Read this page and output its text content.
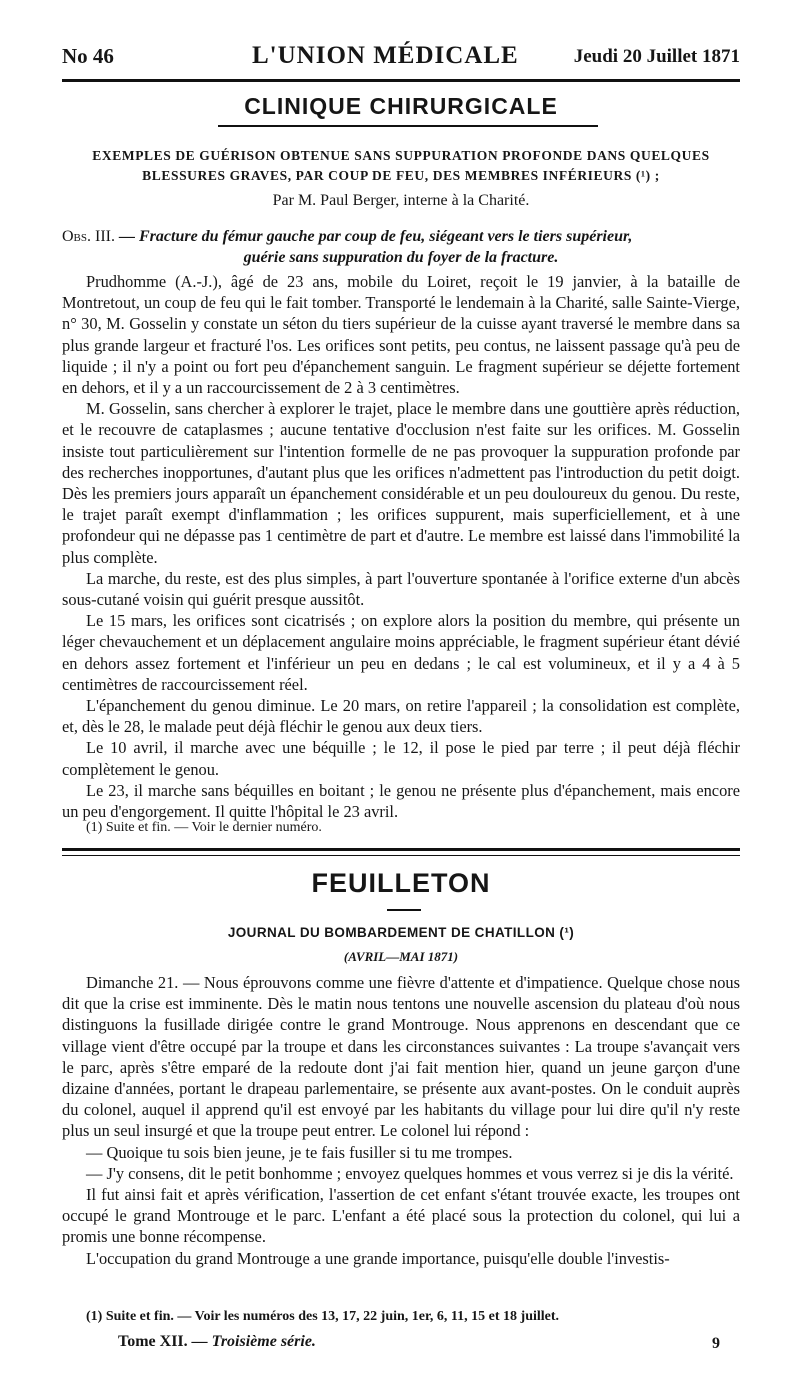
No 46	L'UNION MÉDICALE	Jeudi 20 Juillet 1871
CLINIQUE CHIRURGICALE
EXEMPLES DE GUÉRISON OBTENUE SANS SUPPURATION PROFONDE DANS QUELQUES
BLESSURES GRAVES, PAR COUP DE FEU, DES MEMBRES INFÉRIEURS (¹) ;
Par M. Paul Berger, interne à la Charité.
Obs. III. — Fracture du fémur gauche par coup de feu, siégeant vers le tiers supérieur,
guérie sans suppuration du foyer de la fracture.

Prudhomme (A.-J.), âgé de 23 ans, mobile du Loiret, reçoit le 19 janvier, à la bataille de Montretout, un coup de feu qui le fait tomber. Transporté le lendemain à la Charité, salle Sainte-Vierge, n° 30, M. Gosselin y constate un séton du tiers supérieur de la cuisse ayant traversé le membre dans sa plus grande largeur et fracturé l'os. Les orifices sont petits, peu contus, ne laissent passage qu'à peu de liquide ; il n'y a point ou fort peu d'épanchement sanguin. Le fragment supérieur se déjette fortement en dehors, et il y a un raccourcissement de 2 à 3 centimètres.

M. Gosselin, sans chercher à explorer le trajet, place le membre dans une gouttière après réduction, et le recouvre de cataplasmes ; aucune tentative d'occlusion n'est faite sur les orifices. M. Gosselin insiste tout particulièrement sur l'intention formelle de ne pas provoquer la suppuration profonde par des recherches inopportunes, d'autant plus que les orifices n'admettent pas l'introduction du petit doigt. Dès les premiers jours apparaît un épanchement considérable et un peu douloureux du genou. Du reste, le trajet paraît exempt d'inflammation ; les orifices suppurent, mais superficiellement, et à une profondeur qui ne dépasse pas 1 centimètre de part et d'autre. Le membre est laissé dans l'immobilité la plus complète.

La marche, du reste, est des plus simples, à part l'ouverture spontanée à l'orifice externe d'un abcès sous-cutané voisin qui guérit presque aussitôt.

Le 15 mars, les orifices sont cicatrisés ; on explore alors la position du membre, qui présente un léger chevauchement et un déplacement angulaire moins appréciable, le fragment supérieur étant dévié en dehors assez fortement et l'inférieur un peu en dedans ; le cal est volumineux, et il y a 4 à 5 centimètres de raccourcissement réel.

L'épanchement du genou diminue. Le 20 mars, on retire l'appareil ; la consolidation est complète, et, dès le 28, le malade peut déjà fléchir le genou aux deux tiers.

Le 10 avril, il marche avec une béquille ; le 12, il pose le pied par terre ; il peut déjà fléchir complètement le genou.

Le 23, il marche sans béquilles en boitant ; le genou ne présente plus d'épanchement, mais encore un peu d'engorgement. Il quitte l'hôpital le 23 avril.

(1) Suite et fin. — Voir le dernier numéro.
FEUILLETON
JOURNAL DU BOMBARDEMENT DE CHATILLON (¹)
(AVRIL—MAI 1871)

Dimanche 21. — Nous éprouvons comme une fièvre d'attente et d'impatience. Quelque chose nous dit que la crise est imminente. Dès le matin nous tentons une nouvelle ascension du plateau d'où nous distinguons la fusillade dirigée contre le grand Montrouge. Nous apprenons en descendant que ce village vient d'être occupé par la troupe et dans les circonstances suivantes : La troupe s'avançait vers le parc, après s'être emparé de la redoute dont j'ai fait mention hier, quand un jeune garçon d'une dizaine d'années, portant le drapeau parlementaire, se présente aux avant-postes. On le conduit auprès du colonel, auquel il apprend qu'il est envoyé par les habitants du village pour lui dire qu'il n'y reste plus un seul insurgé et que la troupe peut entrer. Le colonel lui répond :

— Quoique tu sois bien jeune, je te fais fusiller si tu me trompes.

— J'y consens, dit le petit bonhomme ; envoyez quelques hommes et vous verrez si je dis la vérité.

Il fut ainsi fait et après vérification, l'assertion de cet enfant s'étant trouvée exacte, les troupes ont occupé le grand Montrouge et le parc. L'enfant a été placé sous la protection du colonel, qui lui a promis une bonne récompense.

L'occupation du grand Montrouge a une grande importance, puisqu'elle double l'investis-

(1) Suite et fin. — Voir les numéros des 13, 17, 22 juin, 1er, 6, 11, 15 et 18 juillet.
Tome XII. — Troisième série.	9
